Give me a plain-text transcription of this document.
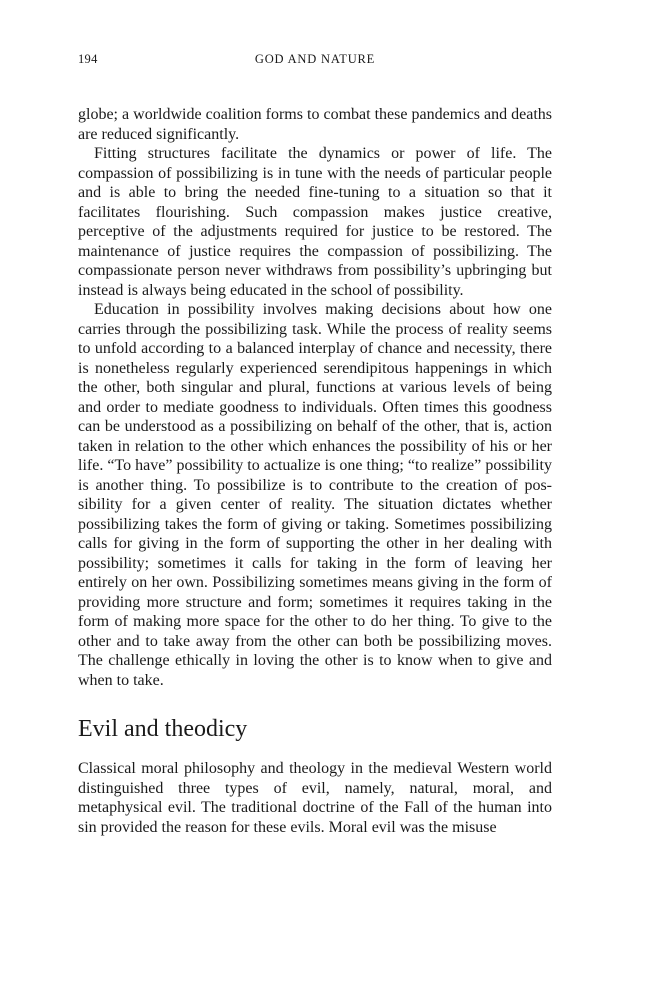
194	GOD AND NATURE

globe; a worldwide coalition forms to combat these pandemics and deaths are reduced significantly.

Fitting structures facilitate the dynamics or power of life. The compassion of possibilizing is in tune with the needs of particular people and is able to bring the needed fine-tuning to a situation so that it facilitates flourishing. Such compassion makes justice creative, perceptive of the adjustments required for justice to be restored. The maintenance of justice requires the compassion of possibilizing. The compassionate person never withdraws from possibility’s upbringing but instead is always being educated in the school of possibility.

Education in possibility involves making decisions about how one carries through the possibilizing task. While the process of reality seems to unfold according to a balanced interplay of chance and necessity, there is nonetheless regularly experienced serendipitous happenings in which the other, both singular and plural, functions at various levels of being and order to mediate goodness to individuals. Often times this goodness can be understood as a possibilizing on behalf of the other, that is, action taken in relation to the other which enhances the possibility of his or her life. “To have” possibility to actualize is one thing; “to realize” possibility is another thing. To possibilize is to contribute to the creation of possibility for a given center of reality. The situation dictates whether possibilizing takes the form of giving or taking. Sometimes possibilizing calls for giving in the form of supporting the other in her dealing with possibility; sometimes it calls for taking in the form of leaving her entirely on her own. Possibilizing sometimes means giving in the form of providing more structure and form; sometimes it requires taking in the form of making more space for the other to do her thing. To give to the other and to take away from the other can both be possibilizing moves. The challenge ethically in loving the other is to know when to give and when to take.

Evil and theodicy

Classical moral philosophy and theology in the medieval Western world distinguished three types of evil, namely, natural, moral, and metaphysical evil. The traditional doctrine of the Fall of the human into sin provided the reason for these evils. Moral evil was the misuse
